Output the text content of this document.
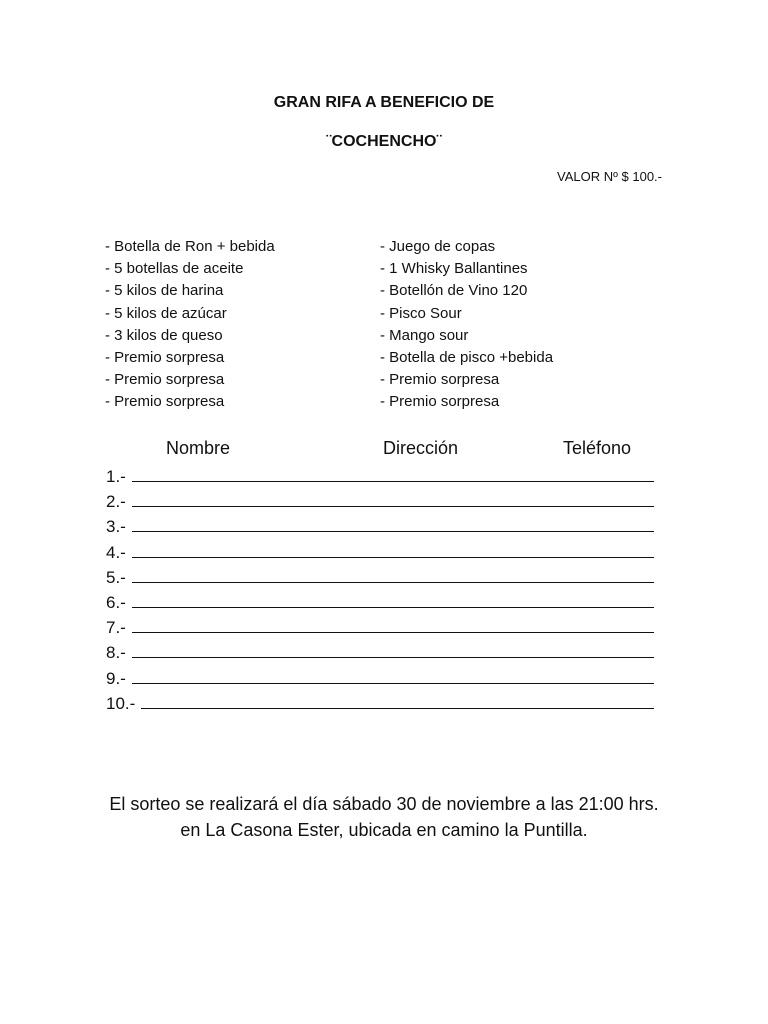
GRAN RIFA A BENEFICIO DE
¨COCHENCHO¨
VALOR Nº $ 100.-
- Botella de Ron + bebida
- 5 botellas de aceite
- 5 kilos de harina
- 5 kilos de azúcar
- 3 kilos de queso
- Premio sorpresa
- Premio sorpresa
- Premio sorpresa
- Juego de copas
- 1 Whisky Ballantines
- Botellón de Vino 120
- Pisco Sour
- Mango sour
- Botella de pisco +bebida
- Premio sorpresa
- Premio sorpresa
Nombre	Dirección	Teléfono
1.-
2.-
3.-
4.-
5.-
6.-
7.-
8.-
9.-
10.-
El sorteo se realizará el día sábado 30 de noviembre a las 21:00 hrs.
en La Casona Ester, ubicada en camino la Puntilla.
